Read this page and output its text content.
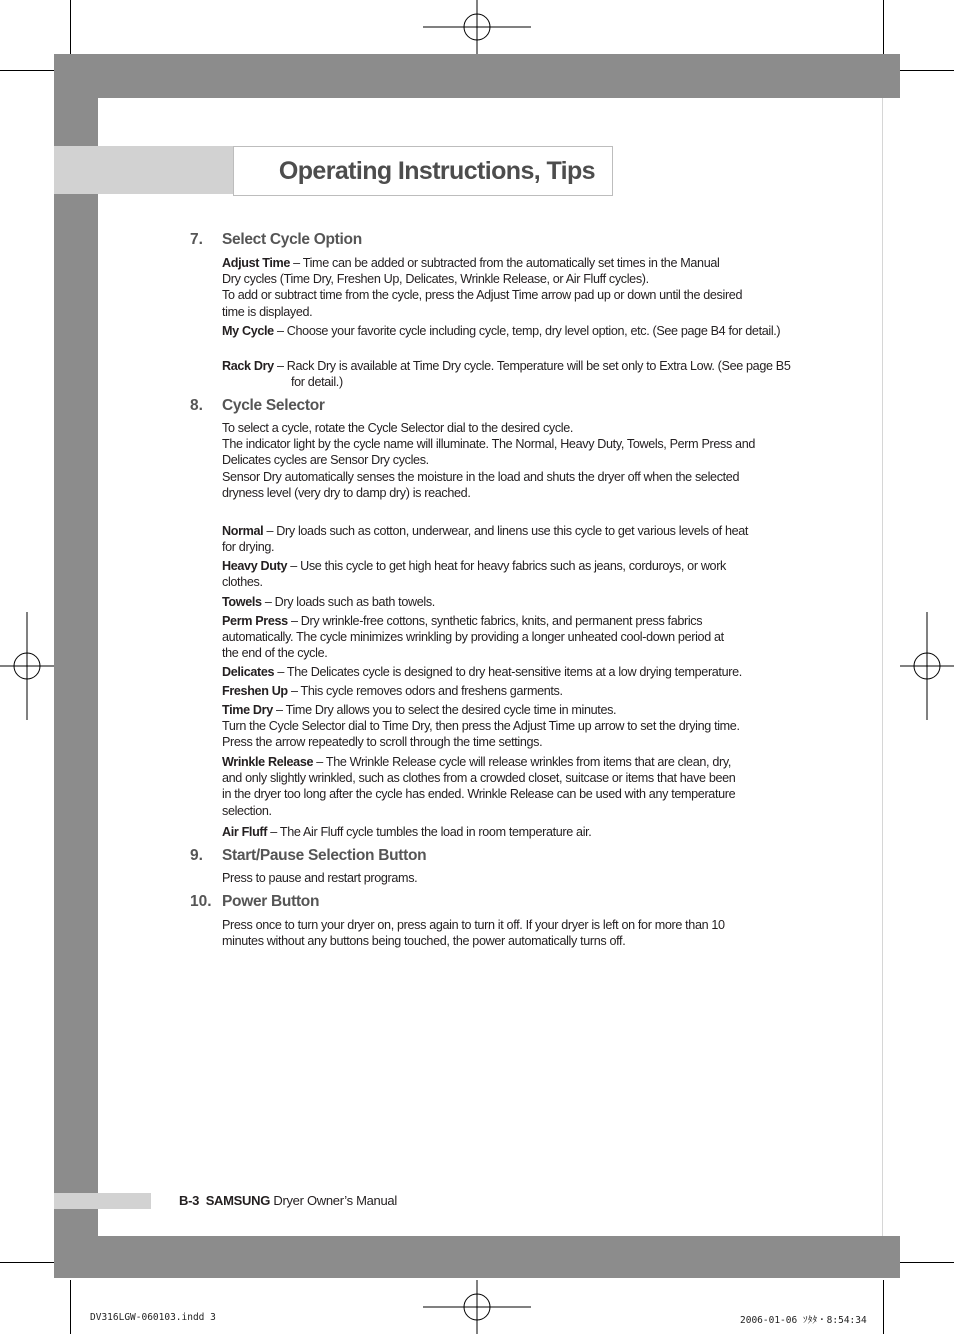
Operating Instructions, Tips
7. Select Cycle Option
Adjust Time – Time can be added or subtracted from the automatically set times in the Manual
Dry cycles (Time Dry, Freshen Up, Delicates, Wrinkle Release, or Air Fluff cycles).
To add or subtract time from the cycle, press the Adjust Time arrow pad up or down until the desired
time is displayed.
My Cycle – Choose your favorite cycle including cycle, temp, dry level option, etc. (See page B4 for detail.)
Rack Dry – Rack Dry is available at Time Dry cycle. Temperature will be set only to Extra Low. (See page B5 for detail.)
8. Cycle Selector
To select a cycle, rotate the Cycle Selector dial to the desired cycle.
The indicator light by the cycle name will illuminate. The Normal, Heavy Duty, Towels, Perm Press and
Delicates cycles are Sensor Dry cycles.
Sensor Dry automatically senses the moisture in the load and shuts the dryer off when the selected
dryness level (very dry to damp dry) is reached.
Normal – Dry loads such as cotton, underwear, and linens use this cycle to get various levels of heat
for drying.
Heavy Duty – Use this cycle to get high heat for heavy fabrics such as jeans, corduroys, or work
clothes.
Towels – Dry loads such as bath towels.
Perm Press – Dry wrinkle-free cottons, synthetic fabrics, knits, and permanent press fabrics
automatically. The cycle minimizes wrinkling by providing a longer unheated cool-down period at
the end of the cycle.
Delicates – The Delicates cycle is designed to dry heat-sensitive items at a low drying temperature.
Freshen Up – This cycle removes odors and freshens garments.
Time Dry – Time Dry allows you to select the desired cycle time in minutes.
Turn the Cycle Selector dial to Time Dry, then press the Adjust Time up arrow to set the drying time.
Press the arrow repeatedly to scroll through the time settings.
Wrinkle Release – The Wrinkle Release cycle will release wrinkles from items that are clean, dry,
and only slightly wrinkled, such as clothes from a crowded closet, suitcase or items that have been
in the dryer too long after the cycle has ended. Wrinkle Release can be used with any temperature
selection.
Air Fluff – The Air Fluff cycle tumbles the load in room temperature air.
9. Start/Pause Selection Button
Press to pause and restart programs.
10. Power Button
Press once to turn your dryer on, press again to turn it off. If your dryer is left on for more than 10
minutes without any buttons being touched, the power automatically turns off.
B-3 SAMSUNG Dryer Owner’s Manual
DV316LGW-060103.indd 3	2006-01-06 ｿﾀﾀ・8:54:34
